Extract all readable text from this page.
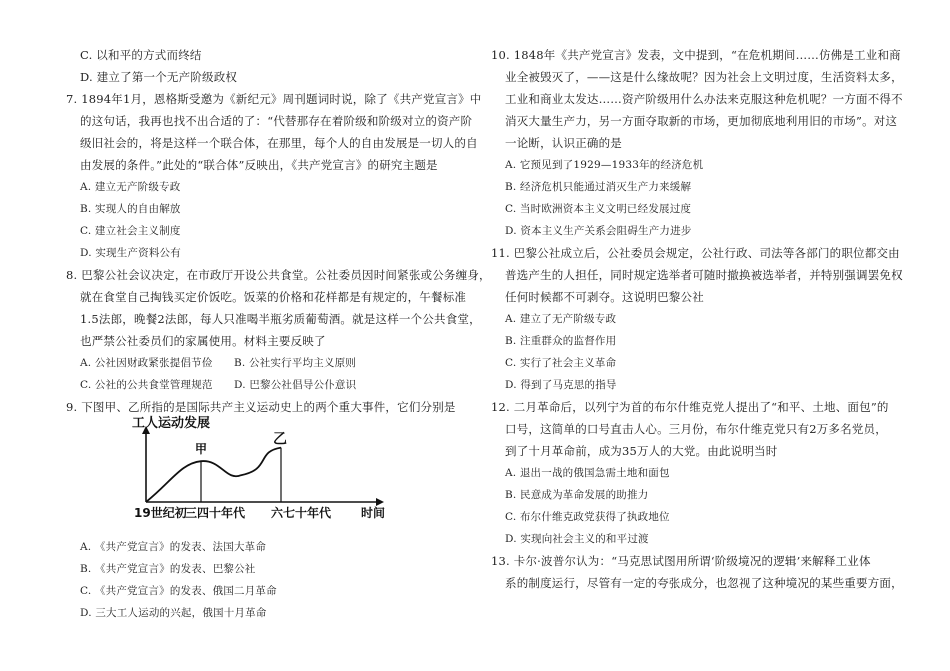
C. 以和平的方式而终结
D. 建立了第一个无产阶级政权
7. 1894年1月，恩格斯受邀为《新纪元》周刊题词时说，除了《共产党宣言》中
的这句话，我再也找不出合适的了：“代替那存在着阶级和阶级对立的资产阶
级旧社会的，将是这样一个联合体，在那里，每个人的自由发展是一切人的自
由发展的条件。”此处的“联合体”反映出，《共产党宣言》的研究主题是
A. 建立无产阶级专政
B. 实现人的自由解放
C. 建立社会主义制度
D. 实现生产资料公有
8. 巴黎公社会议决定，在市政厅开设公共食堂。公社委员因时间紧张或公务缠身，
就在食堂自己掏钱买定价饭吃。饭菜的价格和花样都是有规定的，午餐标准
1.5法郎，晚餐2法郎，每人只准喝半瓶劣质葡萄酒。就是这样一个公共食堂，
也严禁公社委员们的家属使用。材料主要反映了
A. 公社因财政紧张提倡节俭 B. 公社实行平均主义原则
C. 公社的公共食堂管理规范 D. 巴黎公社倡导公仆意识
9. 下图甲、乙所指的是国际共产主义运动史上的两个重大事件，它们分别是
A. 《共产党宣言》的发表、法国大革命
B. 《共产党宣言》的发表、巴黎公社
C. 《共产党宣言》的发表、俄国二月革命
D. 三大工人运动的兴起，俄国十月革命
工人运动发展
甲
乙
19世纪初
三四十年代 六七十年代 时间
10. 1848年《共产党宣言》发表，文中提到，“在危机期间……仿佛是工业和商
业全被毁灭了，——这是什么缘故呢？因为社会上文明过度，生活资料太多，
工业和商业太发达……资产阶级用什么办法来克服这种危机呢？一方面不得不
消灭大量生产力，另一方面夺取新的市场，更加彻底地利用旧的市场”。对这
一论断，认识正确的是
A. 它预见到了1929—1933年的经济危机
B. 经济危机只能通过消灭生产力来缓解
C. 当时欧洲资本主义文明已经发展过度
D. 资本主义生产关系会阻碍生产力进步
11. 巴黎公社成立后，公社委员会规定，公社行政、司法等各部门的职位都交由
普选产生的人担任，同时规定选举者可随时撤换被选举者，并特别强调罢免权
任何时候都不可剥夺。这说明巴黎公社
A. 建立了无产阶级专政
B. 注重群众的监督作用
C. 实行了社会主义革命
D. 得到了马克思的指导
12. 二月革命后，以列宁为首的布尔什维克党人提出了“和平、土地、面包”的
口号，这简单的口号直击人心。三月份，布尔什维克党只有2万多名党员，
到了十月革命前，成为35万人的大党。由此说明当时
A. 退出一战的俄国急需土地和面包
B. 民意成为革命发展的助推力
C. 布尔什维克政党获得了执政地位
D. 实现向社会主义的和平过渡
13. 卡尔·波普尔认为：“马克思试图用所谓‘阶级境况的逻辑’来解释工业体
系的制度运行，尽管有一定的夸张成分，也忽视了这种境况的某些重要方面，
